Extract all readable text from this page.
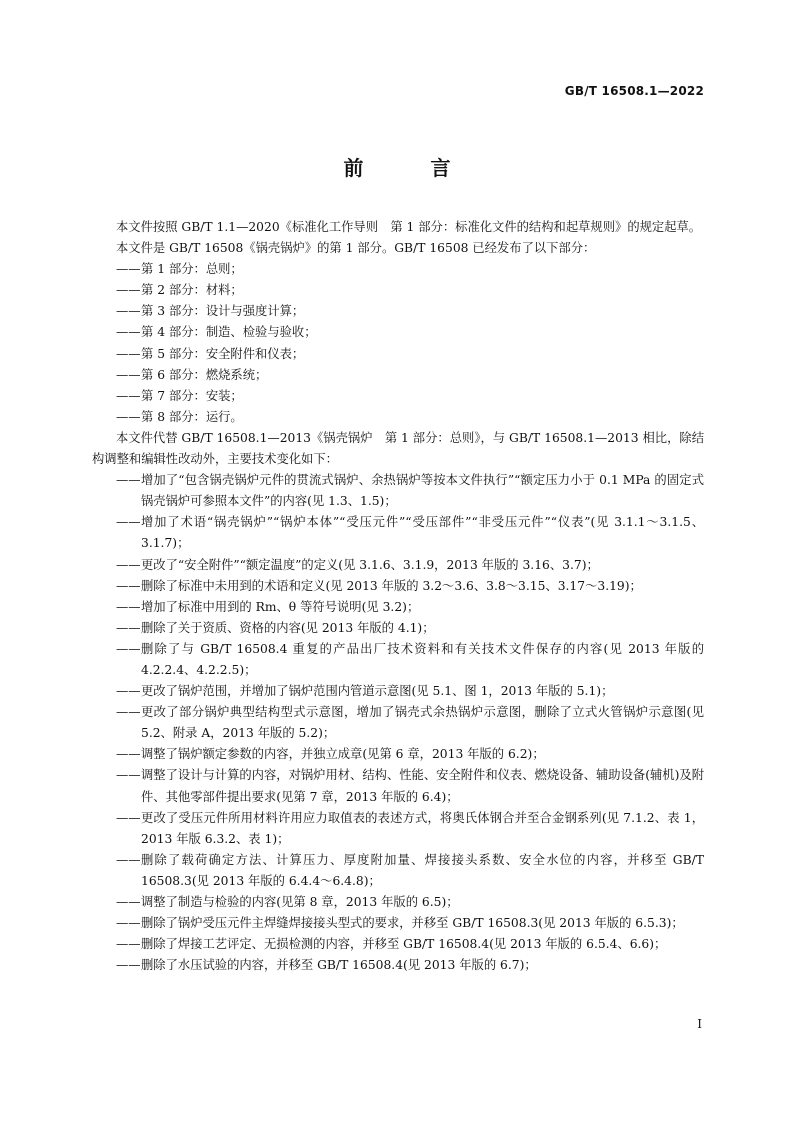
GB/T 16508.1—2022
前 言

本文件按照 GB/T 1.1—2020《标准化工作导则　第 1 部分：标准化文件的结构和起草规则》的规定起草。

本文件是 GB/T 16508《锅壳锅炉》的第 1 部分。GB/T 16508 已经发布了以下部分：

—— 第 1 部分：总则；

—— 第 2 部分：材料；

—— 第 3 部分：设计与强度计算；

—— 第 4 部分：制造、检验与验收；

—— 第 5 部分：安全附件和仪表；

—— 第 6 部分：燃烧系统；

—— 第 7 部分：安装；

—— 第 8 部分：运行。

本文件代替 GB/T 16508.1—2013《锅壳锅炉　第 1 部分：总则》，与 GB/T 16508.1—2013 相比，除结构调整和编辑性改动外，主要技术变化如下：

—— 增加了“包含锅壳锅炉元件的贯流式锅炉、余热锅炉等按本文件执行”“额定压力小于 0.1 MPa 的固定式锅壳锅炉可参照本文件”的内容(见 1.3、1.5)；

—— 增加了术语“锅壳锅炉”“锅炉本体”“受压元件”“受压部件”“非受压元件”“仪表”(见 3.1.1～3.1.5、3.1.7)；

—— 更改了“安全附件”“额定温度”的定义(见 3.1.6、3.1.9，2013 年版的 3.16、3.7)；

—— 删除了标准中未用到的术语和定义(见 2013 年版的 3.2～3.6、3.8～3.15、3.17～3.19)；

—— 增加了标准中用到的 Rm、θ 等符号说明(见 3.2)；

—— 删除了关于资质、资格的内容(见 2013 年版的 4.1)；

—— 删除了与 GB/T 16508.4 重复的产品出厂技术资料和有关技术文件保存的内容(见 2013 年版的4.2.2.4、4.2.2.5)；

—— 更改了锅炉范围，并增加了锅炉范围内管道示意图(见 5.1、图 1，2013 年版的 5.1)；

—— 更改了部分锅炉典型结构型式示意图，增加了锅壳式余热锅炉示意图，删除了立式火管锅炉示意图(见 5.2、附录 A，2013 年版的 5.2)；

—— 调整了锅炉额定参数的内容，并独立成章(见第 6 章，2013 年版的 6.2)；

—— 调整了设计与计算的内容，对锅炉用材、结构、性能、安全附件和仪表、燃烧设备、辅助设备(辅机)及附件、其他零部件提出要求(见第 7 章，2013 年版的 6.4)；

—— 更改了受压元件所用材料许用应力取值表的表述方式，将奥氏体钢合并至合金钢系列(见 7.1.2、表 1，2013 年版 6.3.2、表 1)；

—— 删除了载荷确定方法、计算压力、厚度附加量、焊接接头系数、安全水位的内容，并移至 GB/T 16508.3(见 2013 年版的 6.4.4～6.4.8)；

—— 调整了制造与检验的内容(见第 8 章，2013 年版的 6.5)；

—— 删除了锅炉受压元件主焊缝焊接接头型式的要求，并移至 GB/T 16508.3(见 2013 年版的 6.5.3)；

—— 删除了焊接工艺评定、无损检测的内容，并移至 GB/T 16508.4(见 2013 年版的 6.5.4、6.6)；

—— 删除了水压试验的内容，并移至 GB/T 16508.4(见 2013 年版的 6.7)；

I
